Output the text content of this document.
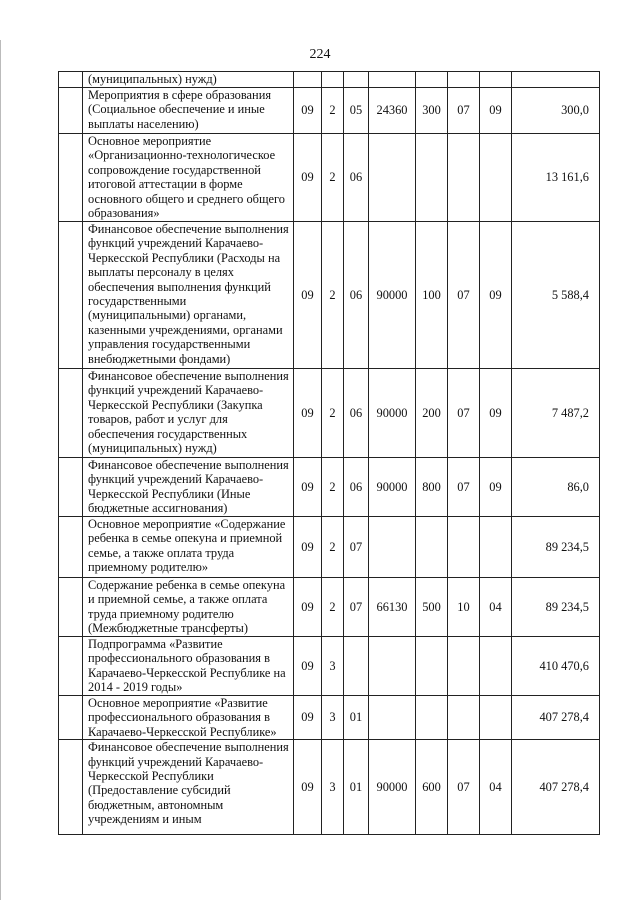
224
	(муниципальных) нужд)								
	Мероприятия в сфере образования (Социальное обеспечение и иные выплаты населению)	09	2	05	24360	300	07	09	300,0
	Основное мероприятие «Организационно-технологическое сопровождение государственной итоговой аттестации в форме основного общего и среднего общего образования»	09	2	06					13 161,6
	Финансовое обеспечение выполнения функций учреждений Карачаево-Черкесской Республики (Расходы на выплаты персоналу в целях обеспечения выполнения функций государственными (муниципальными) органами, казенными учреждениями, органами управления государственными внебюджетными фондами)	09	2	06	90000	100	07	09	5 588,4
	Финансовое обеспечение выполнения функций учреждений Карачаево-Черкесской Республики (Закупка товаров, работ и услуг для обеспечения государственных (муниципальных) нужд)	09	2	06	90000	200	07	09	7 487,2
	Финансовое обеспечение выполнения функций учреждений Карачаево-Черкесской Республики (Иные бюджетные ассигнования)	09	2	06	90000	800	07	09	86,0
	Основное мероприятие «Содержание ребенка в семье опекуна и приемной семье, а также оплата труда приемному родителю»	09	2	07					89 234,5
	Содержание ребенка в семье опекуна и приемной семье, а также оплата труда приемному родителю (Межбюджетные трансферты)	09	2	07	66130	500	10	04	89 234,5
	Подпрограмма «Развитие профессионального образования в Карачаево-Черкесской Республике на 2014 - 2019 годы»	09	3						410 470,6
	Основное мероприятие «Развитие профессионального образования в Карачаево-Черкесской Республике»	09	3	01					407 278,4
	Финансовое обеспечение выполнения функций учреждений Карачаево-Черкесской Республики (Предоставление субсидий бюджетным, автономным учреждениям и иным	09	3	01	90000	600	07	04	407 278,4
